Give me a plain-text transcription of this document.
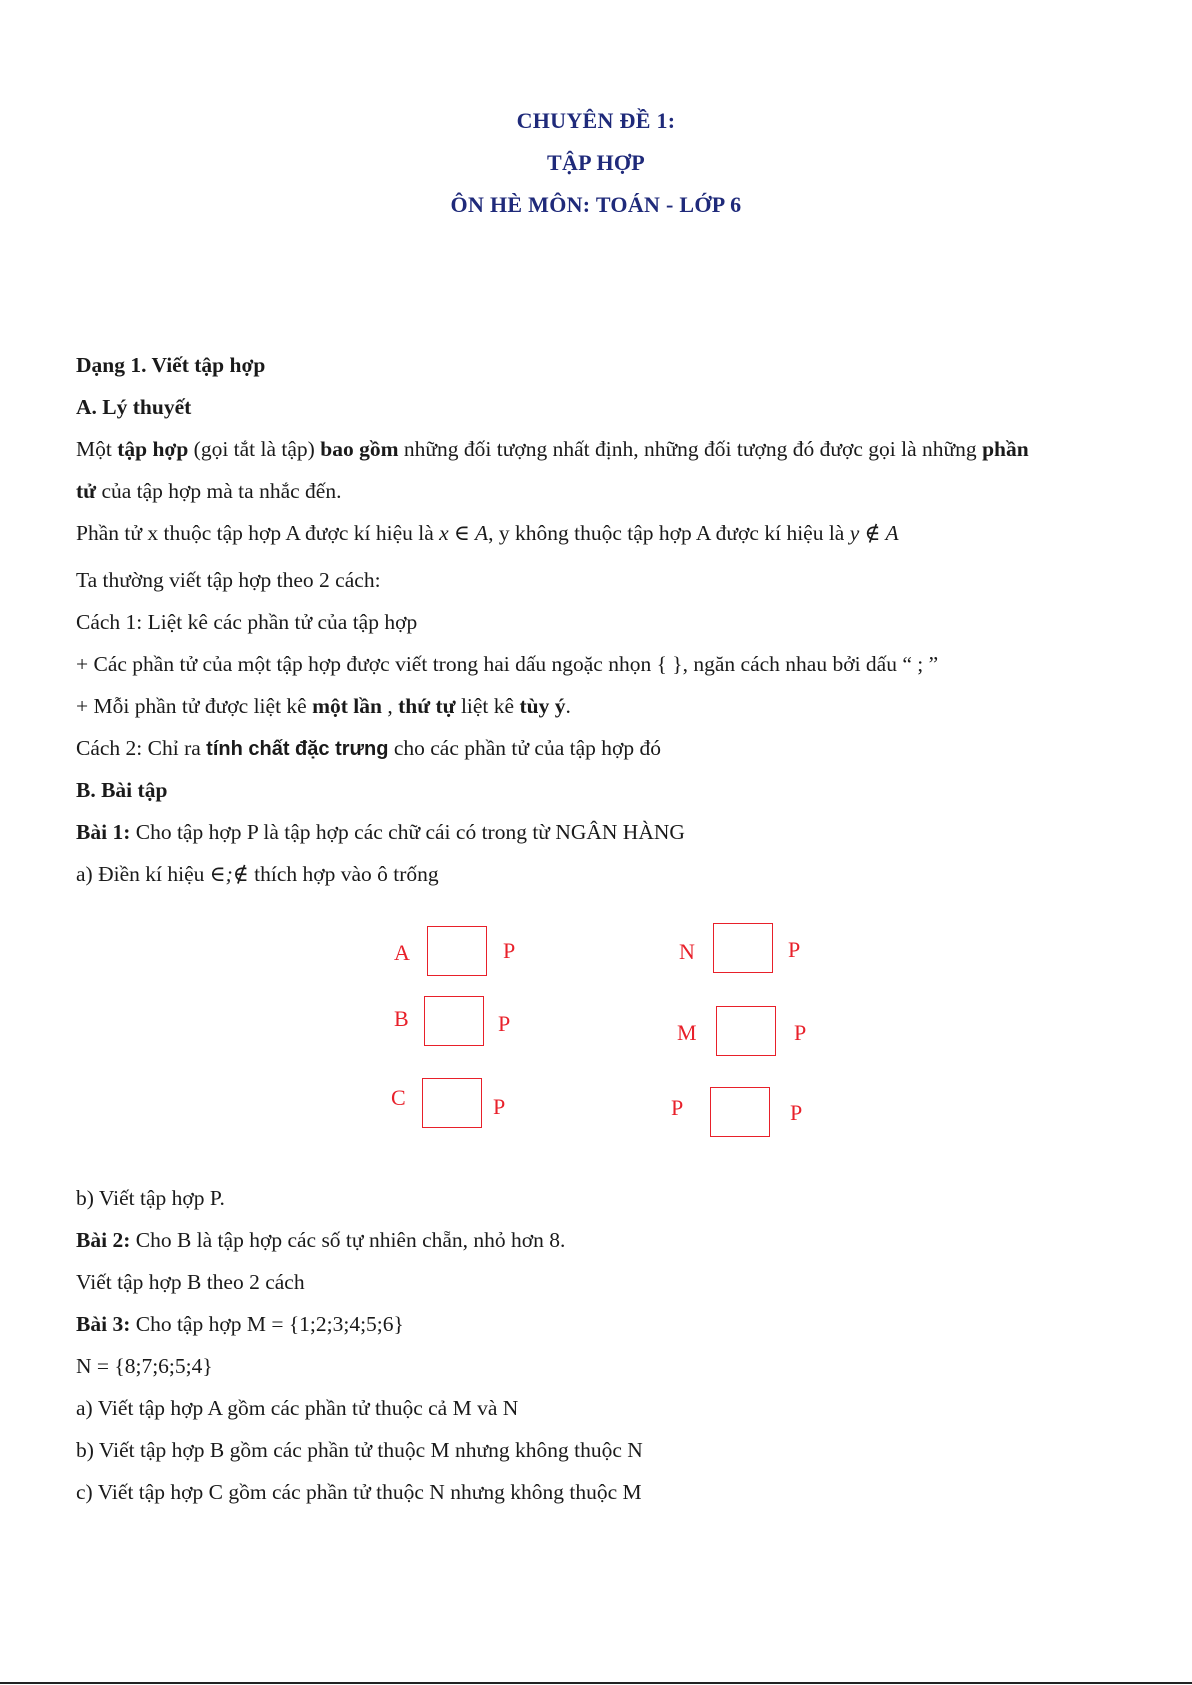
CHUYÊN ĐỀ 1:
TẬP HỢP
ÔN HÈ MÔN: TOÁN - LỚP 6
Dạng 1. Viết tập hợp
A. Lý thuyết
Một tập hợp (gọi tắt là tập) bao gồm những đối tượng nhất định, những đối tượng đó được gọi là những phần
tử của tập hợp mà ta nhắc đến.
Phần tử x thuộc tập hợp A được kí hiệu là x ∈ A, y không thuộc tập hợp A được kí hiệu là y ∉ A
Ta thường viết tập hợp theo 2 cách:
Cách 1: Liệt kê các phần tử của tập hợp
+ Các phần tử của một tập hợp được viết trong hai dấu ngoặc nhọn { }, ngăn cách nhau bởi dấu “ ; ”
+ Mỗi phần tử được liệt kê một lần , thứ tự liệt kê tùy ý.
Cách 2: Chỉ ra tính chất đặc trưng cho các phần tử của tập hợp đó
B. Bài tập
Bài 1: Cho tập hợp P là tập hợp các chữ cái có trong từ NGÂN HÀNG
a) Điền kí hiệu ∈;∉ thích hợp vào ô trống
A	P
B	P
C	P
N	P
M	P
P	P
b) Viết tập hợp P.
Bài 2: Cho B là tập hợp các số tự nhiên chẵn, nhỏ hơn 8.
Viết tập hợp B theo 2 cách
Bài 3: Cho tập hợp M = {1;2;3;4;5;6}
N = {8;7;6;5;4}
a) Viết tập hợp A gồm các phần tử thuộc cả M và N
b) Viết tập hợp B gồm các phần tử thuộc M nhưng không thuộc N
c) Viết tập hợp C gồm các phần tử thuộc N nhưng không thuộc M
